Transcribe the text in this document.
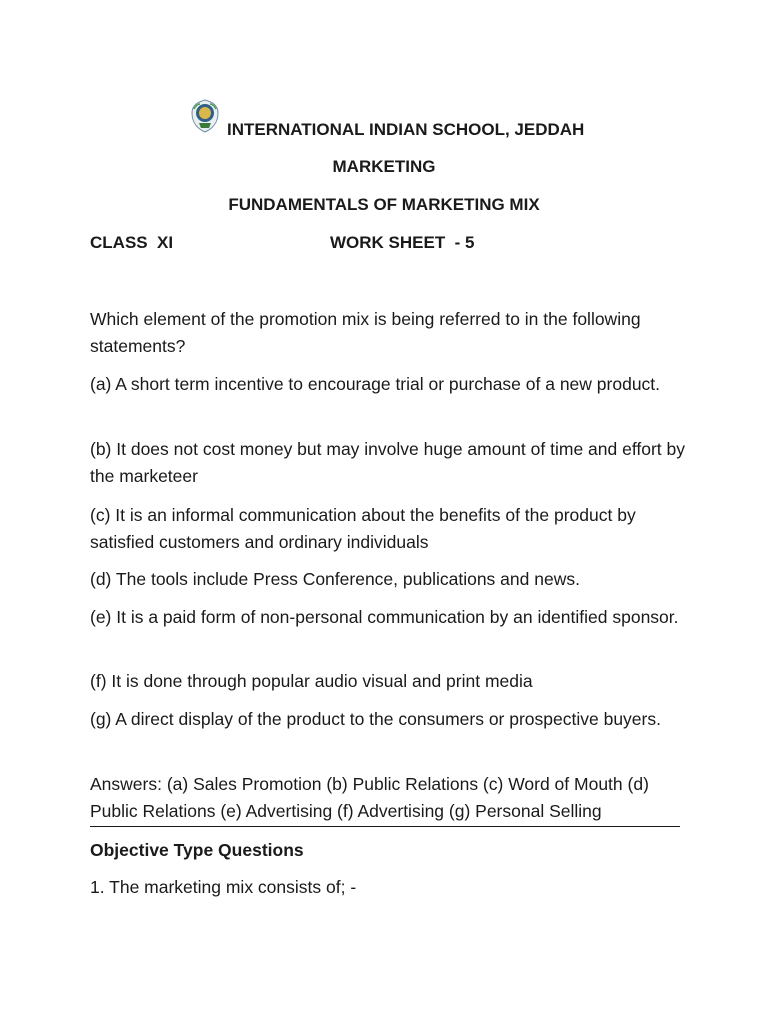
INTERNATIONAL INDIAN SCHOOL, JEDDAH
MARKETING
FUNDAMENTALS OF MARKETING MIX
CLASS  XI	WORK SHEET  - 5
Which element of the promotion mix is being referred to in the following statements?
(a) A short term incentive to encourage trial or purchase of a new product.
(b) It does not cost money but may involve huge amount of time and effort by the marketeer
(c) It is an informal communication about the benefits of the product by satisfied customers and ordinary individuals
(d) The tools include Press Conference, publications and news.
(e) It is a paid form of non-personal communication by an identified sponsor.
(f) It is done through popular audio visual and print media
(g) A direct display of the product to the consumers or prospective buyers.
Answers: (a) Sales Promotion (b) Public Relations (c) Word of Mouth (d) Public Relations (e) Advertising (f) Advertising (g) Personal Selling
Objective Type Questions
1. The marketing mix consists of; -
